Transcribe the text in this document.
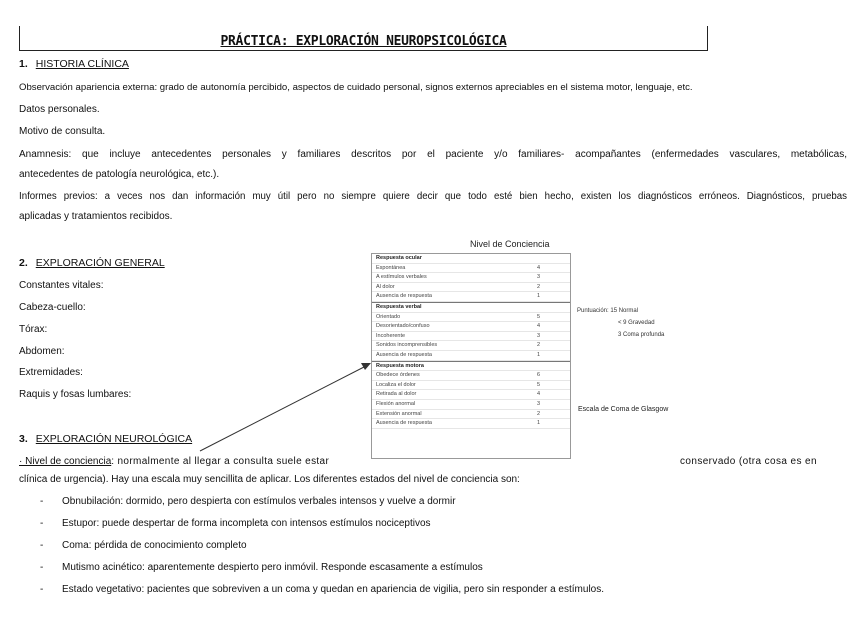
PRÁCTICA: EXPLORACIÓN NEUROPSICOLÓGICA
1. HISTORIA CLÍNICA
Observación apariencia externa: grado de autonomía percibido, aspectos de cuidado personal, signos externos apreciables en el sistema motor, lenguaje, etc.
Datos personales.
Motivo de consulta.
Anamnesis: que incluye antecedentes personales y familiares descritos por el paciente y/o familiares- acompañantes (enfermedades vasculares, metabólicas,
antecedentes de patología neurológica, etc.).
Informes previos: a veces nos dan información muy útil pero no siempre quiere decir que todo esté bien hecho, existen los diagnósticos erróneos. Diagnósticos, pruebas
aplicadas y tratamientos recibidos.
2. EXPLORACIÓN GENERAL
Constantes vitales:
Cabeza-cuello:
Tórax:
Abdomen:
Extremidades:
Raquis y fosas lumbares:
Nivel de Conciencia
Respuesta ocular
Espontánea	4
A estímulos verbales	3
Al dolor	2
Ausencia de respuesta	1
Respuesta verbal
Orientado	5
Desorientado/confuso	4
Incoherente	3
Sonidos incomprensibles	2
Ausencia de respuesta	1
Respuesta motora
Obedece órdenes	6
Localiza el dolor	5
Retirada al dolor	4
Flexión anormal	3
Extensión anormal	2
Ausencia de respuesta	1
Puntuación: 15 Normal
< 9 Gravedad
3 Coma profunda
Escala de Coma de Glasgow
3. EXPLORACIÓN NEUROLÓGICA
· Nivel de conciencia: normalmente al llegar a consulta suele estar	conservado (otra cosa es en
clínica de urgencia). Hay una escala muy sencillita de aplicar. Los diferentes estados del nivel de conciencia son:
- Obnubilación: dormido, pero despierta con estímulos verbales intensos y vuelve a dormir
- Estupor: puede despertar de forma incompleta con intensos estímulos nociceptivos
- Coma: pérdida de conocimiento completo
- Mutismo acinético: aparentemente despierto pero inmóvil. Responde escasamente a estímulos
- Estado vegetativo: pacientes que sobreviven a un coma y quedan en apariencia de vigilia, pero sin responder a estímulos.
